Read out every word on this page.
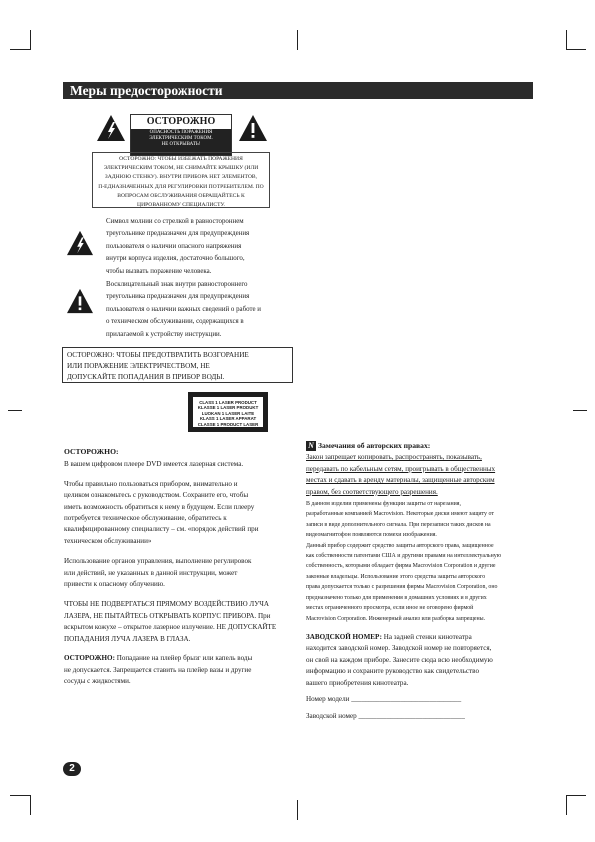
Меры предосторожности
ОСТОРОЖНО
ОПАСНОСТЬ ПОРАЖЕНИЯ
ЭЛЕКТРИЧЕСКИМ ТОКОМ.
НЕ ОТКРЫВАТЬ!
ОСТОРОЖНО: ЧТОБЫ ИЗБЕЖАТЬ ПОРАЖЕНИЯ
ЭЛЕКТРИЧЕСКИМ ТОКОМ, НЕ СНИМАЙТЕ КРЫШКУ (ИЛИ
ЗАДНЮЮ СТЕНКУ). ВНУТРИ ПРИБОРА НЕТ ЭЛЕМЕНТОВ,
П-ЕДНАЗНАЧЕННЫХ ДЛЯ РЕГУЛИРОВКИ ПОТРЕБИТЕЛЕМ. ПО
ВОПРОСАМ ОБСЛУЖИВАНИЯ ОБРАЩАЙТЕСЬ К
ЦИРОВАННОМУ СПЕЦИАЛИСТУ.
Символ молнии со стрелкой в равностороннем
треугольнике предназначен для предупреждения
пользователя о наличии опасного напряжения
внутри корпуса изделия, достаточно большого,
чтобы вызвать поражение человека.
Восклицательный знак внутри равностороннего
треугольника предназначен для предупреждения
пользователя о наличии важных сведений о работе и
о техническом обслуживании, содержащихся в
прилагаемой к устройству инструкции.
ОСТОРОЖНО: ЧТОБЫ ПРЕДОТВРАТИТЬ ВОЗГОРАНИЕ
ИЛИ ПОРАЖЕНИЕ ЭЛЕКТРИЧЕСТВОМ, НЕ
ДОПУСКАЙТЕ ПОПАДАНИЯ В ПРИБОР ВОДЫ.
CLASS 1 LASER PRODUCT
KLASSE 1 LASER PRODUKT
LUOKAN 1 LASER LAITE
KLASS 1 LASER APPARAT
CLASSE 1 PRODUCT LASER

ОСТОРОЖНО:

В вашем цифровом плеере DVD имеется лазерная система.

Чтобы правильно пользоваться прибором, внимательно и
целиком ознакомьтесь с руководством. Сохраните его, чтобы
иметь возможность обратиться к нему в будущем. Если плееру
потребуется техническое обслуживание, обратитесь к
квалифицированному специалисту – см. «порядок действий при
техническом обслуживании»
Использование органов управления, выполнение регулировок
или действий, не указанных в данной инструкции, может
привести к опасному облучению.
ЧТОБЫ НЕ ПОДВЕРГАТЬСЯ ПРЯМОМУ ВОЗДЕЙСТВИЮ ЛУЧА
ЛАЗЕРА, НЕ ПЫТАЙТЕСЬ ОТКРЫВАТЬ КОРПУС ПРИБОРА. При
вскрытом кожухе – открытое лазерное излучение. НЕ ДОПУСКАЙТЕ
ПОПАДАНИЯ ЛУЧА ЛАЗЕРА В ГЛАЗА.
ОСТОРОЖНО: Попадание на плейер брызг или капель воды
не допускается. Запрещается ставить на плейер вазы и другие
сосуды с жидкостями.
N Замечания об авторских правах:
Закон запрещает копировать, распространять, показывать,
передавать по кабельным сетям, проигрывать в общественных
местах и сдавать в аренду материалы, защищенные авторским
правом, без соответствующего разрешения.
В данном изделии применены функции защиты от нарезания,
разработанные компанией Macrovision. Некоторые диски имеют защиту от
записи в виде дополнительного сигнала. При перезаписи таких дисков на
видеомагнитофон появляются помехи изображения.
Данный прибор содержит средство защиты авторского права, защищенное
как собственности патентами США и другими правами на интеллектуальную
собственность, которыми обладает фирма Macrovision Corporation и другие
законные владельцы. Использование этого средства защиты авторского
права допускается только с разрешения фирмы Macrovision Corporation, оно
предназначено только для применения в домашних условиях и в других
местах ограниченного просмотра, если иное не оговорено фирмой
Macrovision Corporation. Инженерный анализ или разборка запрещены.
ЗАВОДСКОЙ НОМЕР: На задней стенки кинотеатра
находится заводской номер. Заводской номер не повторяется,
он свой на каждом приборе. Занесите сюда всю необходимую
информацию и сохраните руководство как свидетельство
вашего приобретения кинотеатра.
Номер модели _______________________________
Заводской номер ______________________________
2
